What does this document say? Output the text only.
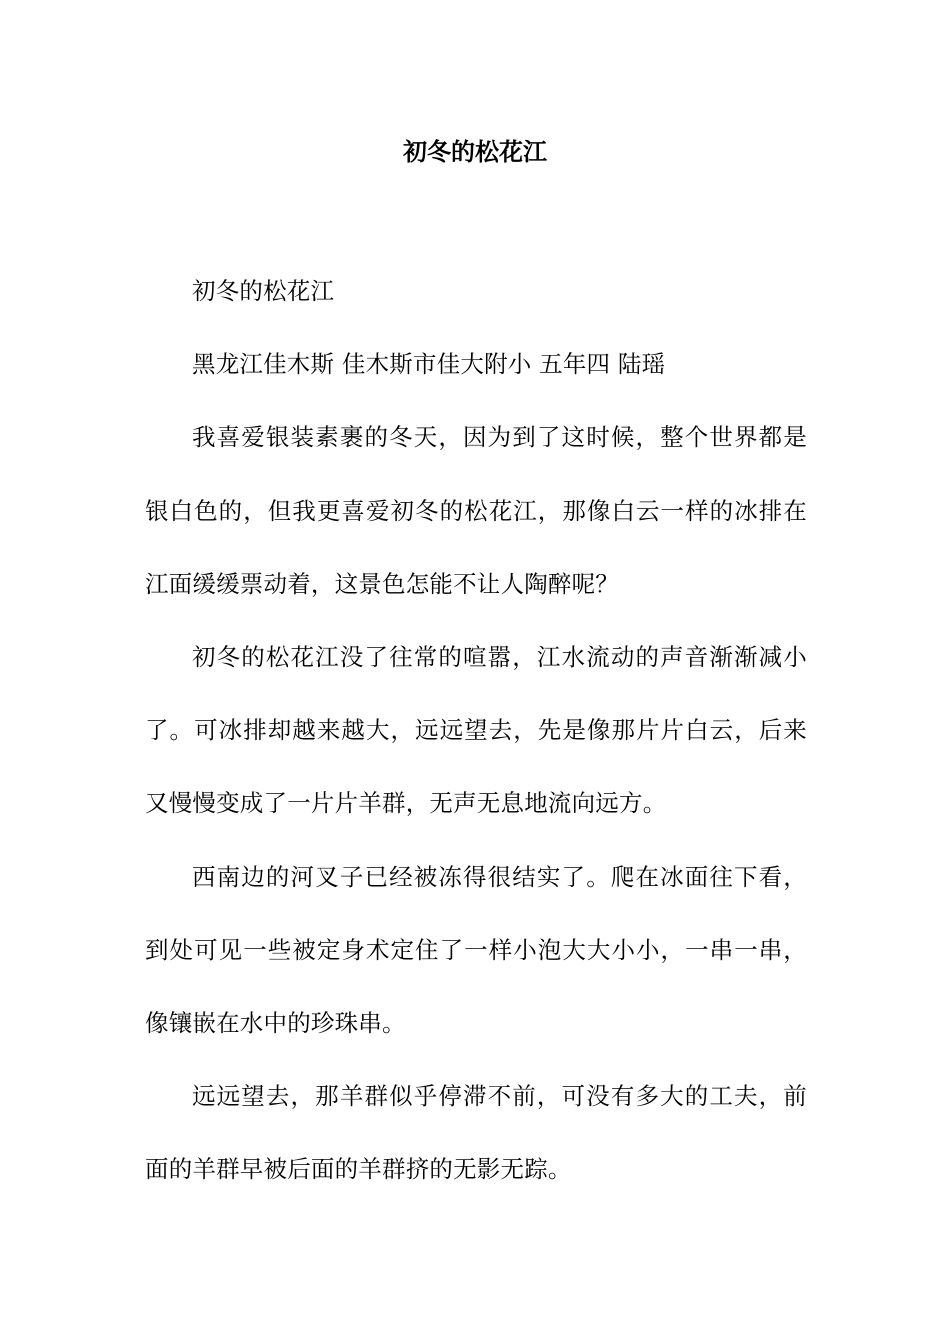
初冬的松花江

初冬的松花江

黑龙江佳木斯 佳木斯市佳大附小 五年四 陆瑶

我喜爱银装素裹的冬天，因为到了这时候，整个世界都是银白色的，但我更喜爱初冬的松花江，那像白云一样的冰排在江面缓缓票动着，这景色怎能不让人陶醉呢？

初冬的松花江没了往常的喧嚣，江水流动的声音渐渐减小了。可冰排却越来越大，远远望去，先是像那片片白云，后来又慢慢变成了一片片羊群，无声无息地流向远方。

西南边的河叉子已经被冻得很结实了。爬在冰面往下看，到处可见一些被定身术定住了一样小泡大大小小，一串一串，像镶嵌在水中的珍珠串。

远远望去，那羊群似乎停滞不前，可没有多大的工夫，前面的羊群早被后面的羊群挤的无影无踪。
